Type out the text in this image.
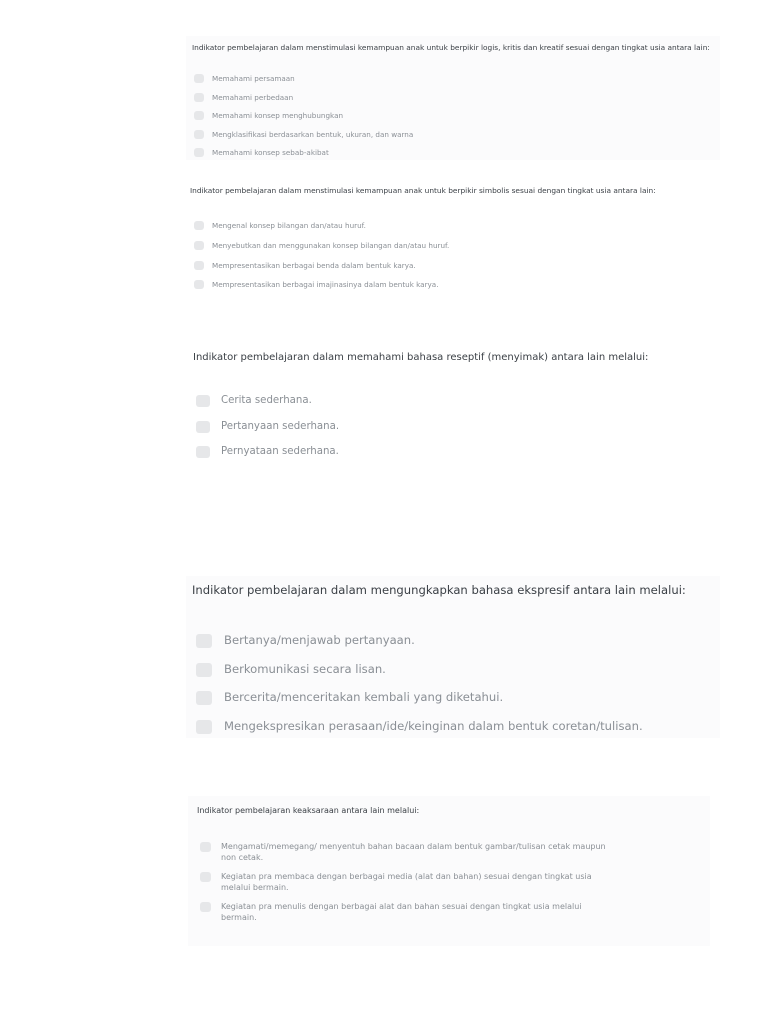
Indikator pembelajaran dalam menstimulasi kemampuan anak untuk berpikir logis, kritis dan kreatif sesuai dengan tingkat usia antara lain:

Memahami persamaan
Memahami perbedaan
Memahami konsep menghubungkan
Mengklasifikasi berdasarkan bentuk, ukuran, dan warna
Memahami konsep sebab-akibat

Indikator pembelajaran dalam menstimulasi kemampuan anak untuk berpikir simbolis sesuai dengan tingkat usia antara lain:

Mengenal konsep bilangan dan/atau huruf.
Menyebutkan dan menggunakan konsep bilangan dan/atau huruf.
Mempresentasikan berbagai benda dalam bentuk karya.
Mempresentasikan berbagai imajinasinya dalam bentuk karya.

Indikator pembelajaran dalam memahami bahasa reseptif (menyimak) antara lain melalui:

Cerita sederhana.
Pertanyaan sederhana.
Pernyataan sederhana.

Indikator pembelajaran dalam mengungkapkan bahasa ekspresif antara lain melalui:

Bertanya/menjawab pertanyaan.
Berkomunikasi secara lisan.
Bercerita/menceritakan kembali yang diketahui.
Mengekspresikan perasaan/ide/keinginan dalam bentuk coretan/tulisan.

Indikator pembelajaran keaksaraan antara lain melalui:

Mengamati/memegang/ menyentuh bahan bacaan dalam bentuk gambar/tulisan cetak maupun non cetak.
Kegiatan pra membaca dengan berbagai media (alat dan bahan) sesuai dengan tingkat usia melalui bermain.
Kegiatan pra menulis dengan berbagai alat dan bahan sesuai dengan tingkat usia melalui bermain.
